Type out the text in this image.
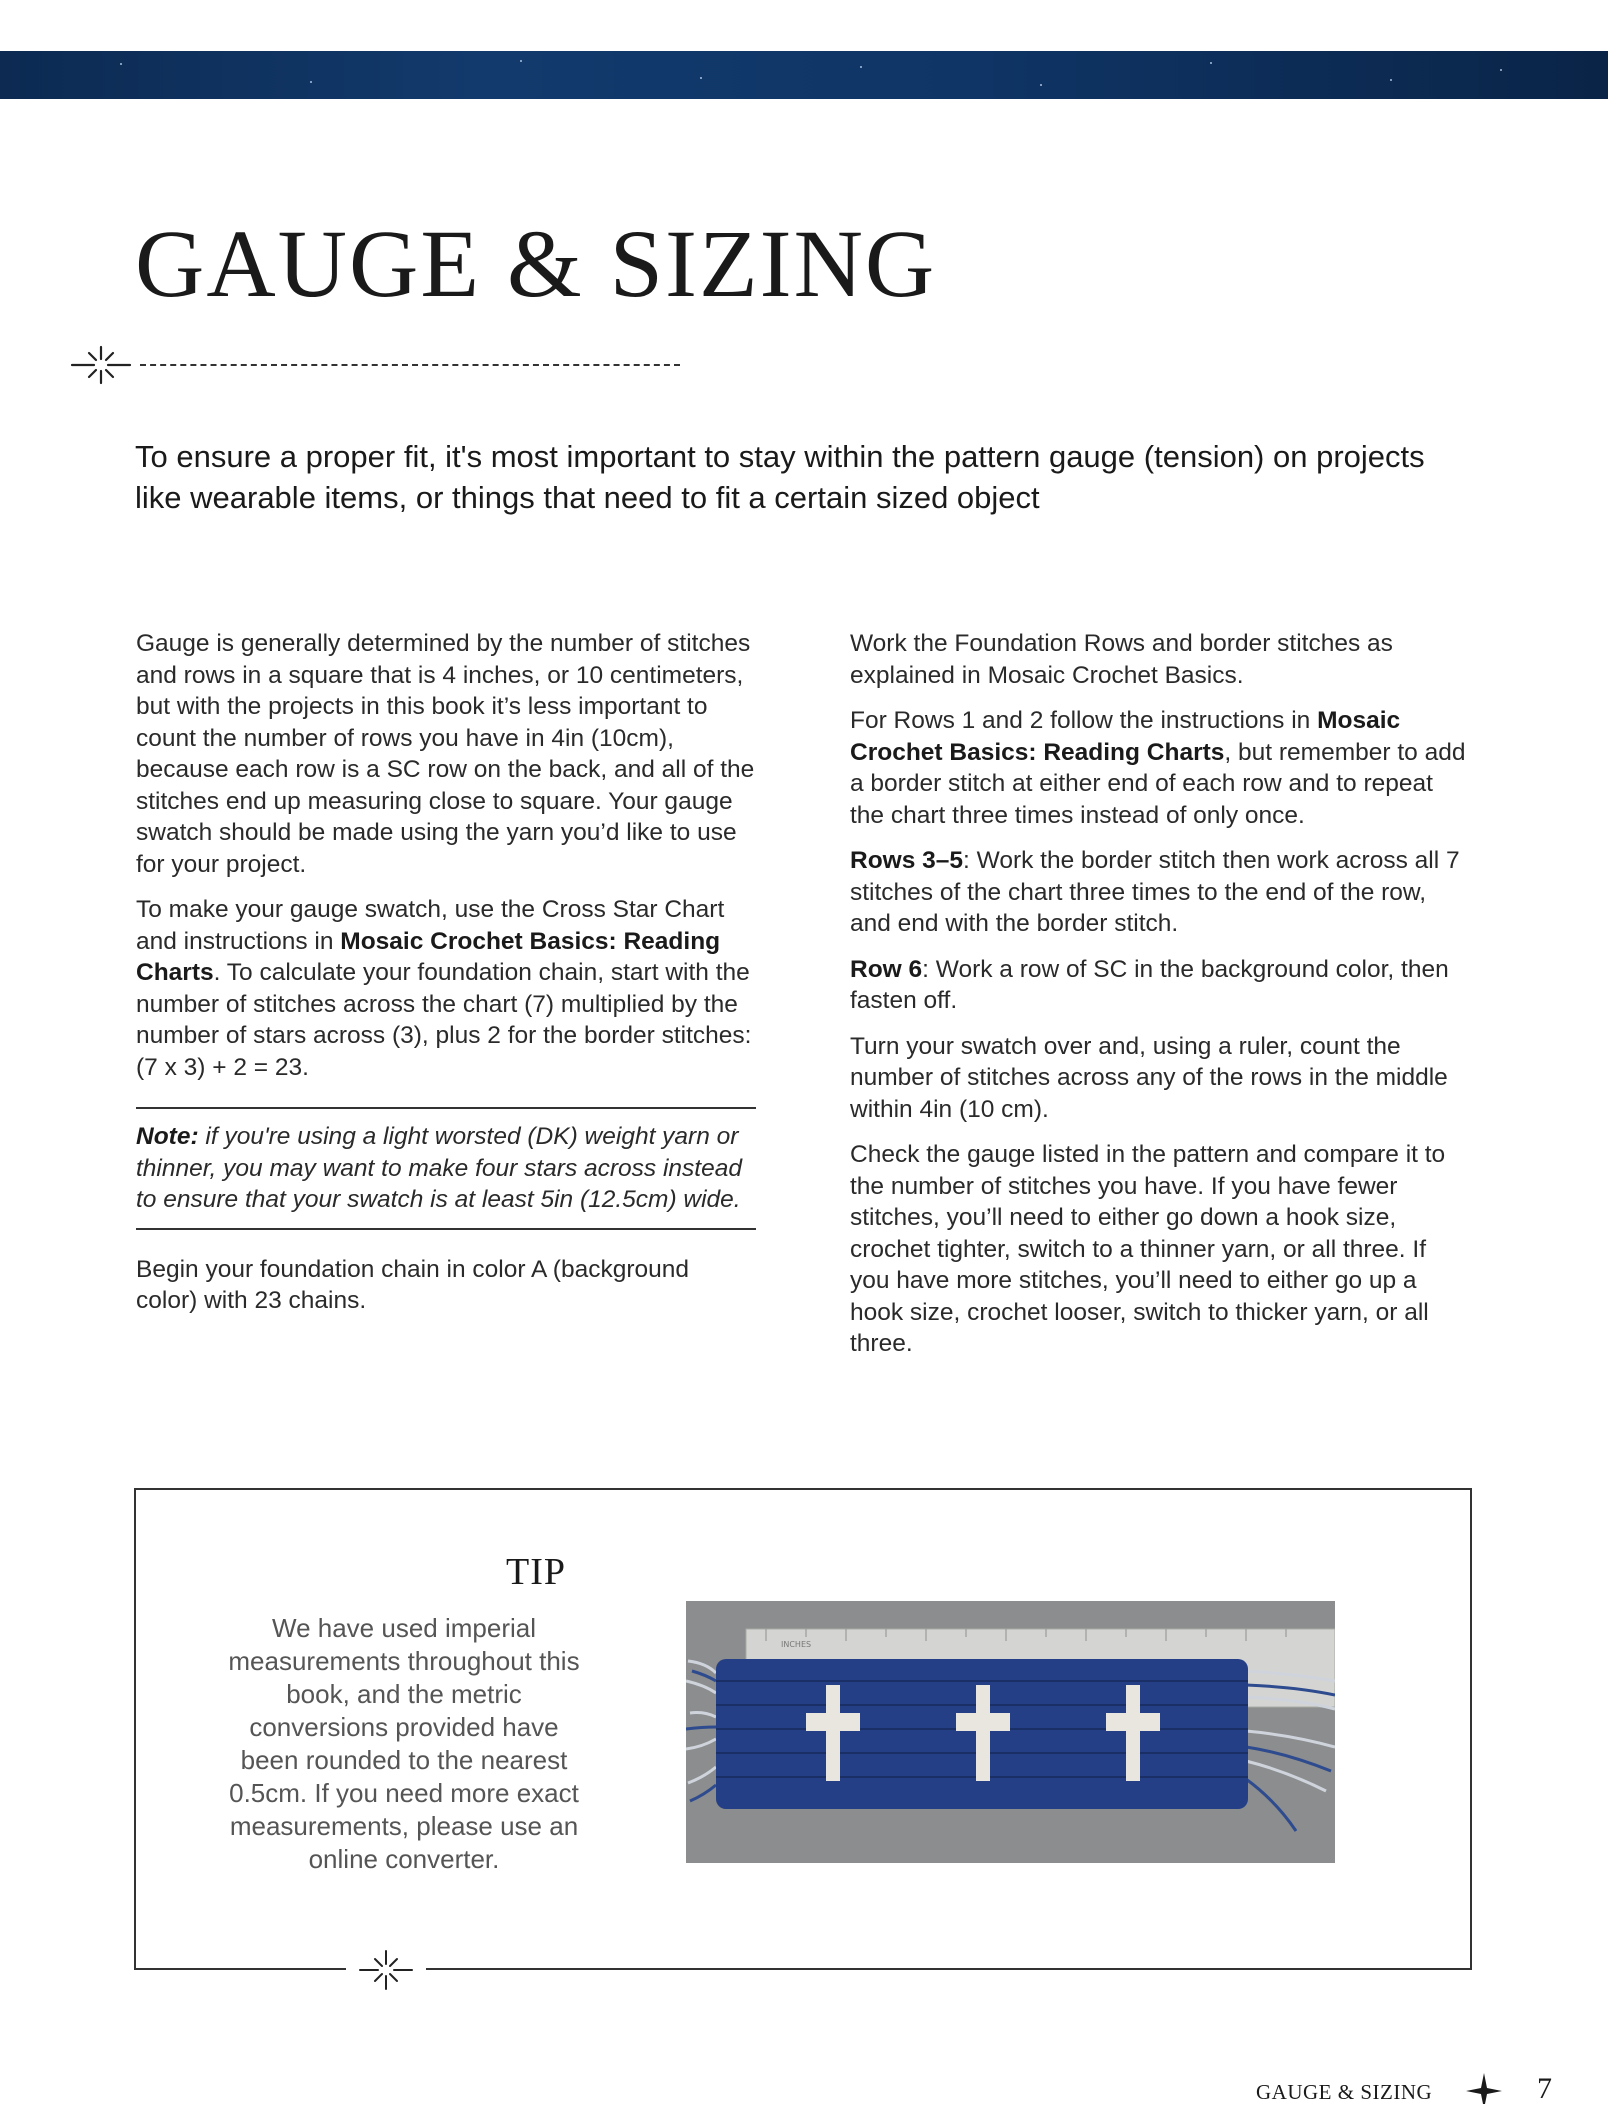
GAUGE & SIZING

To ensure a proper fit, it's most important to stay within the pattern gauge (tension) on projects like wearable items, or things that need to fit a certain sized object

Gauge is generally determined by the number of stitches and rows in a square that is 4 inches, or 10 centimeters, but with the projects in this book it’s less important to count the number of rows you have in 4in (10cm), because each row is a SC row on the back, and all of the stitches end up measuring close to square. Your gauge swatch should be made using the yarn you’d like to use for your project.

To make your gauge swatch, use the Cross Star Chart and instructions in Mosaic Crochet Basics: Reading Charts. To calculate your foundation chain, start with the number of stitches across the chart (7) multiplied by the number of stars across (3), plus 2 for the border stitches: (7 x 3) + 2 = 23.

Note: if you're using a light worsted (DK) weight yarn or thinner, you may want to make four stars across instead to ensure that your swatch is at least 5in (12.5cm) wide.

Begin your foundation chain in color A (background color) with 23 chains.

Work the Foundation Rows and border stitches as explained in Mosaic Crochet Basics.

For Rows 1 and 2 follow the instructions in Mosaic Crochet Basics: Reading Charts, but remember to add a border stitch at either end of each row and to repeat the chart three times instead of only once.

Rows 3–5: Work the border stitch then work across all 7 stitches of the chart three times to the end of the row, and end with the border stitch.

Row 6: Work a row of SC in the background color, then fasten off.

Turn your swatch over and, using a ruler, count the number of stitches across any of the rows in the middle within 4in (10 cm).

Check the gauge listed in the pattern and compare it to the number of stitches you have. If you have fewer stitches, you’ll need to either go down a hook size, crochet tighter, switch to a thinner yarn, or all three. If you have more stitches, you’ll need to either go up a hook size, crochet looser, switch to thicker yarn, or all three.

TIP

We have used imperial measurements throughout this book, and the metric conversions provided have been rounded to the nearest 0.5cm. If you need more exact measurements, please use an online converter.

INCHES
GAUGE & SIZING	7
